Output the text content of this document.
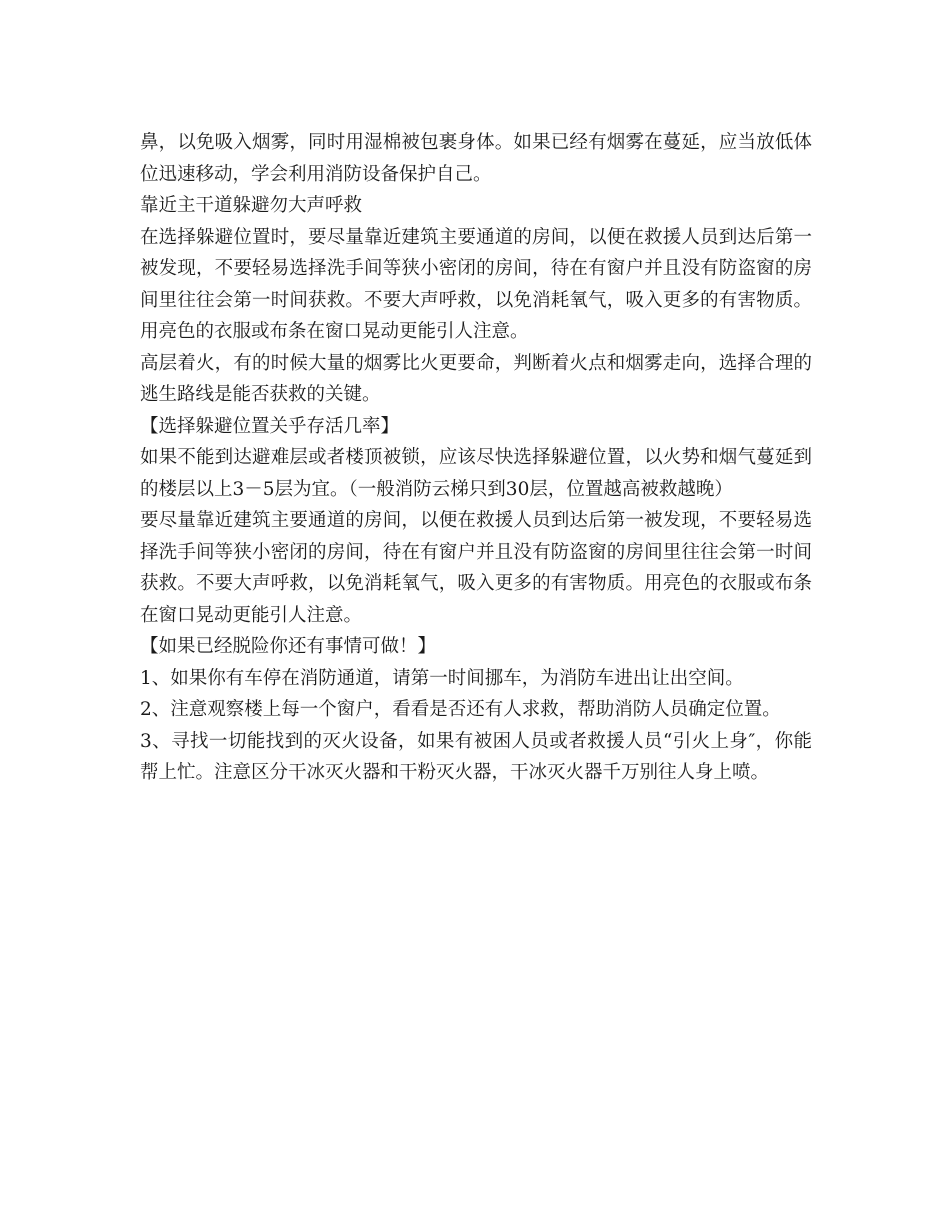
鼻，以免吸入烟雾，同时用湿棉被包裹身体。如果已经有烟雾在蔓延，应当放低体位迅速移动，学会利用消防设备保护自己。

靠近主干道躲避勿大声呼救

在选择躲避位置时，要尽量靠近建筑主要通道的房间，以便在救援人员到达后第一被发现，不要轻易选择洗手间等狭小密闭的房间，待在有窗户并且没有防盗窗的房间里往往会第一时间获救。不要大声呼救，以免消耗氧气，吸入更多的有害物质。用亮色的衣服或布条在窗口晃动更能引人注意。

高层着火，有的时候大量的烟雾比火更要命，判断着火点和烟雾走向，选择合理的逃生路线是能否获救的关键。

【选择躲避位置关乎存活几率】

如果不能到达避难层或者楼顶被锁，应该尽快选择躲避位置，以火势和烟气蔓延到的楼层以上3－5层为宜。（一般消防云梯只到30层，位置越高被救越晚）

要尽量靠近建筑主要通道的房间，以便在救援人员到达后第一被发现，不要轻易选择洗手间等狭小密闭的房间，待在有窗户并且没有防盗窗的房间里往往会第一时间获救。不要大声呼救，以免消耗氧气，吸入更多的有害物质。用亮色的衣服或布条在窗口晃动更能引人注意。

【如果已经脱险你还有事情可做！】

1、如果你有车停在消防通道，请第一时间挪车，为消防车进出让出空间。

2、注意观察楼上每一个窗户，看看是否还有人求救，帮助消防人员确定位置。

3、寻找一切能找到的灭火设备，如果有被困人员或者救援人员“引火上身″，你能帮上忙。注意区分干冰灭火器和干粉灭火器，干冰灭火器千万别往人身上喷。
